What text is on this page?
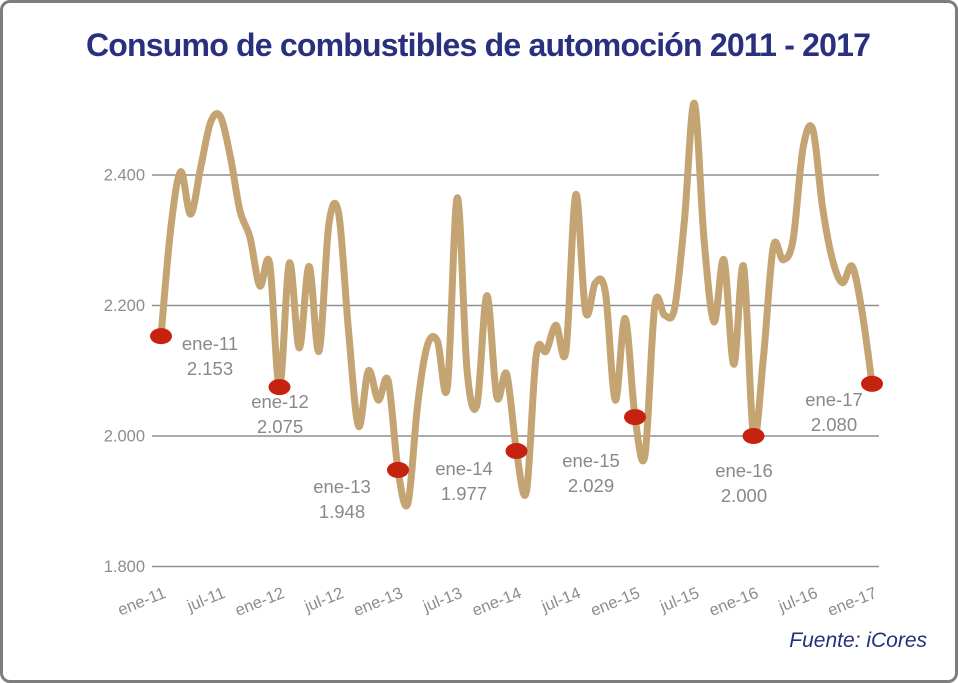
Consumo de combustibles de automoción 2011 - 2017
2.400
2.200
2.000
1.800
ene-11 jul-11 ene-12 jul-12 ene-13 jul-13 ene-14 jul-14 ene-15 jul-15 ene-16 jul-16 ene-17
ene-11
2.153
ene-12
2.075
ene-13
1.948
ene-14
1.977
ene-15
2.029
ene-16
2.000
ene-17
2.080
Fuente: iCores
